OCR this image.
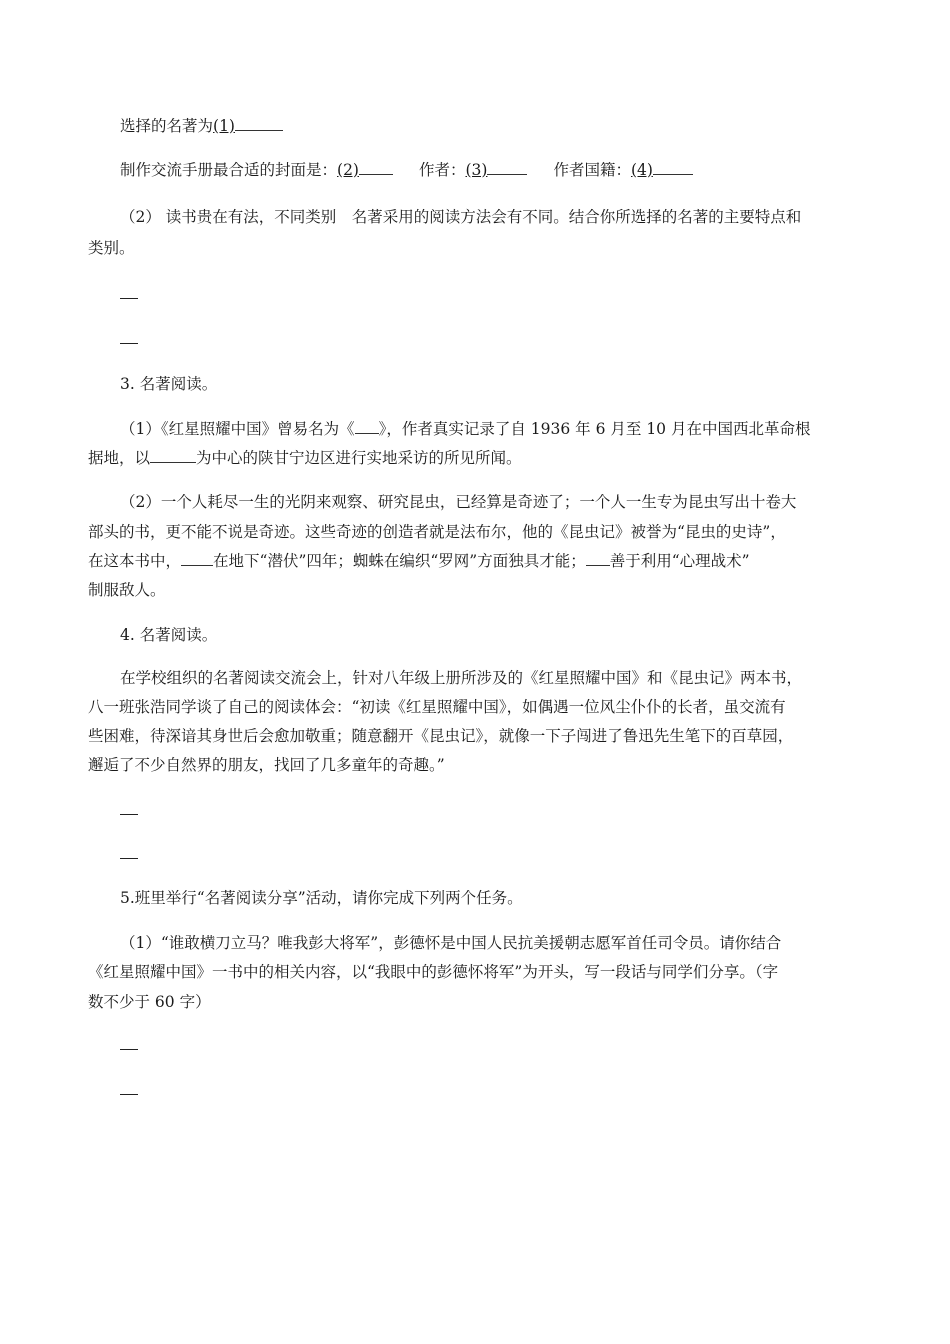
选择的名著为(1)
制作交流手册最合适的封面是：(2)	作者：(3)	作者国籍：(4)
（2） 读书贵在有法，不同类别　名著采用的阅读方法会有不同。结合你所选择的名著的主要特点和
类别。
3. 名著阅读。
（1）《红星照耀中国》曾易名为《 》，作者真实记录了自 1936 年 6 月至 10 月在中国西北革命根
据地，以	为中心的陕甘宁边区进行实地采访的所见所闻。
（2）一个人耗尽一生的光阴来观察、研究昆虫，已经算是奇迹了；一个人一生专为昆虫写出十卷大
部头的书，更不能不说是奇迹。这些奇迹的创造者就是法布尔，他的《昆虫记》被誉为“昆虫的史诗”，
在这本书中， 在地下“潜伏”四年；蜘蛛在编织“罗网”方面独具才能； 善于利用“心理战术”
制服敌人。
4. 名著阅读。
在学校组织的名著阅读交流会上，针对八年级上册所涉及的《红星照耀中国》和《昆虫记》两本书，
八一班张浩同学谈了自己的阅读体会：“初读《红星照耀中国》，如偶遇一位风尘仆仆的长者，虽交流有
些困难，待深谙其身世后会愈加敬重；随意翻开《昆虫记》，就像一下子闯进了鲁迅先生笔下的百草园，
邂逅了不少自然界的朋友，找回了几多童年的奇趣。”
5.班里举行“名著阅读分享”活动，请你完成下列两个任务。
（1）“谁敢横刀立马？唯我彭大将军”，彭德怀是中国人民抗美援朝志愿军首任司令员。请你结合
《红星照耀中国》一书中的相关内容，以“我眼中的彭德怀将军”为开头，写一段话与同学们分享。（字
数不少于 60 字）
